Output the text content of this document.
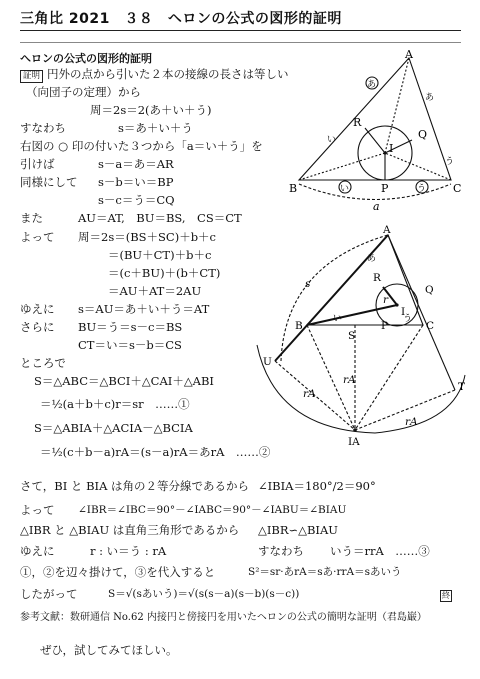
三角比 2021　３８　ヘロンの公式の図形的証明
ヘロンの公式の図形的証明
証明 円外の点から引いた２本の接線の長さは等しい
（向団子の定理）から
周＝2s＝2(あ＋い＋う)
すなわち	s＝あ＋い＋う
右図の ○ 印の付いた３つから「a＝い＋う」を
引けば	s－a＝あ＝AR
同様にして s－b＝い＝BP
s－c＝う＝CQ
また	AU＝AT,　BU＝BS,　CS＝CT
よって 周＝2s＝(BS＋SC)＋b＋c
＝(BU＋CT)＋b＋c
＝(c＋BU)＋(b＋CT)
＝AU＋AT＝2AU
ゆえに s＝AU＝あ＋い＋う＝AT
さらに BU＝う＝s－c＝BS
CT＝い＝s－b＝CS
ところで
S＝△ABC＝△BCI＋△CAI＋△ABI
＝½(a＋b＋c)r＝sr　……①
S＝△ABIA＋△ACIA－△BCIA
＝½(c＋b－a)rA＝(s－a)rA＝あrA　……②
さて，BI と BIA は角の２等分線であるから ∠IBIA＝180°/2＝90°
よって ∠IBR＝∠IBC＝90°－∠IABC＝90°－∠IABU＝∠BIAU
△IBR と △BIAU は直角三角形であるから △IBR∽△BIAU
ゆえに	r : い＝う : rA	すなわち いう＝rrA　……③
①，②を辺々掛けて，③を代入すると	S²＝sr·あrA＝sあ·rrA＝sあいう
したがって	S＝√(sあいう)＝√(s(s－a)(s－b)(s－c))	終
参考文献：数研通信 No.62 内接円と傍接円を用いたヘロンの公式の簡明な証明（君島巌）
ぜひ，試してみてほしい。
A
B	C
P
Q
R
I
あ
あ
い
い
う
う
a
A
B	C
P
Q
R
S
T
U
I
IA
s
r
rA
rA
rA
あ
い	う
